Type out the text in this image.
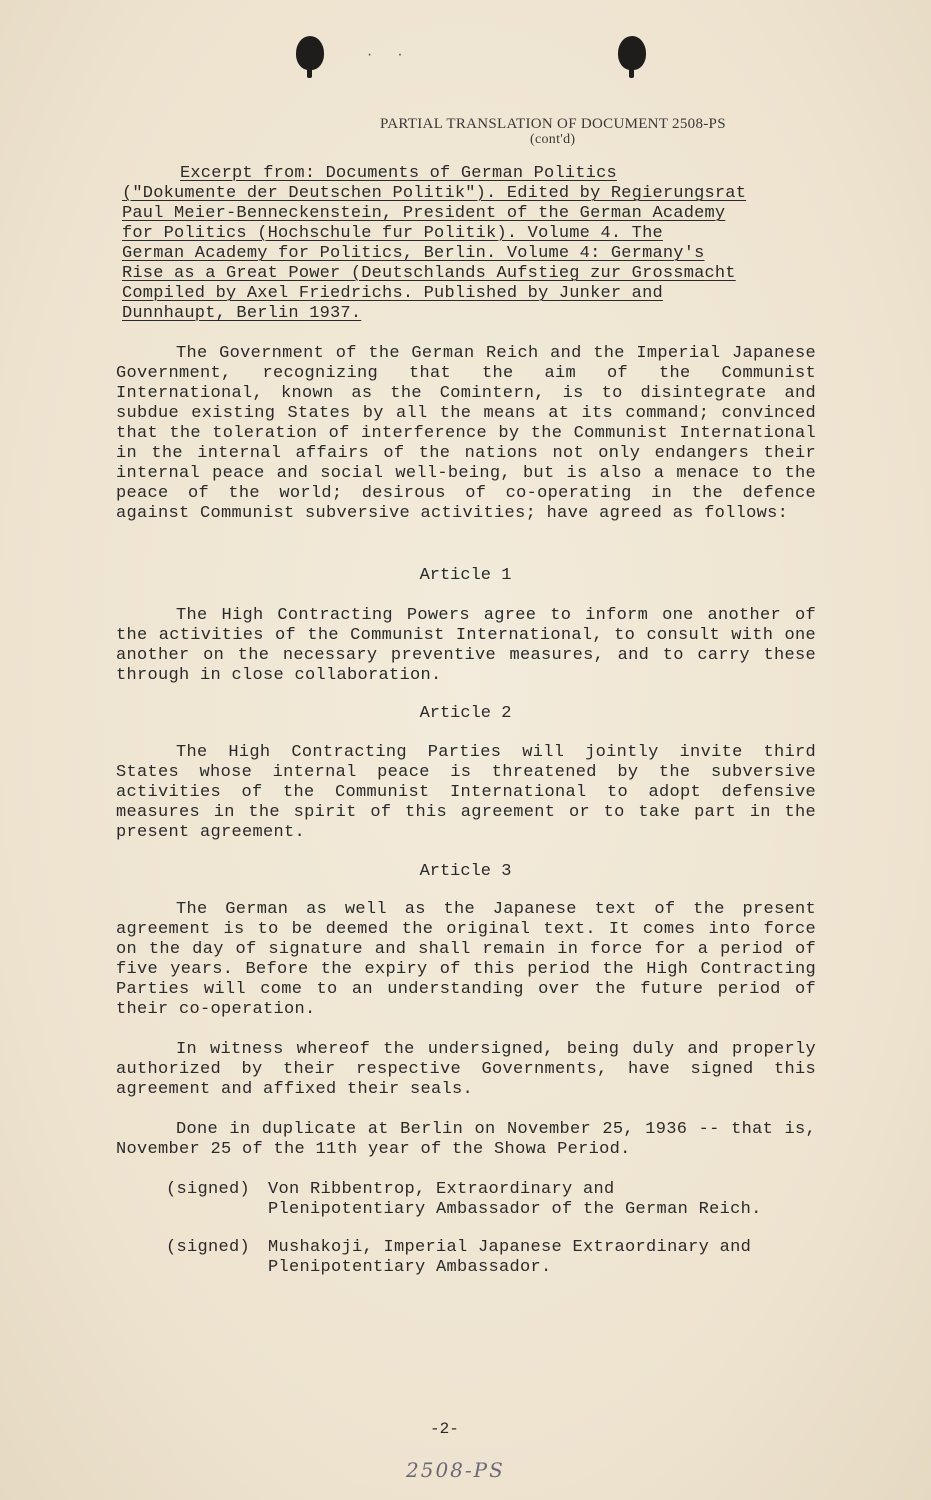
· ·
PARTIAL TRANSLATION OF DOCUMENT 2508-PS
(cont'd)
Excerpt from: Documents of German Politics
("Dokumente der Deutschen Politik"). Edited by Regierungsrat
Paul Meier-Benneckenstein, President of the German Academy
for Politics (Hochschule fur Politik). Volume 4. The
German Academy for Politics, Berlin. Volume 4: Germany's
Rise as a Great Power (Deutschlands Aufstieg zur Grossmacht
Compiled by Axel Friedrichs. Published by Junker and
Dunnhaupt, Berlin 1937.

The Government of the German Reich and the Imperial Japanese Government, recognizing that the aim of the Communist International, known as the Comintern, is to disintegrate and subdue existing States by all the means at its command; convinced that the toleration of interference by the Communist International in the internal affairs of the nations not only endangers their internal peace and social well-being, but is also a menace to the peace of the world; desirous of co-operating in the defence against Communist subversive activities; have agreed as follows:

Article 1

The High Contracting Powers agree to inform one another of the activities of the Communist International, to consult with one another on the necessary preventive measures, and to carry these through in close collaboration.

Article 2

The High Contracting Parties will jointly invite third States whose internal peace is threatened by the subversive activities of the Communist International to adopt defensive measures in the spirit of this agreement or to take part in the present agreement.

Article 3

The German as well as the Japanese text of the present agreement is to be deemed the original text. It comes into force on the day of signature and shall remain in force for a period of five years. Before the expiry of this period the High Contracting Parties will come to an understanding over the future period of their co-operation.

In witness whereof the undersigned, being duly and properly authorized by their respective Governments, have signed this agreement and affixed their seals.

Done in duplicate at Berlin on November 25, 1936 -- that is, November 25 of the 11th year of the Showa Period.

(signed) Von Ribbentrop, Extraordinary and Plenipotentiary Ambassador of the German Reich.
(signed) Mushakoji, Imperial Japanese Extraordinary and Plenipotentiary Ambassador.
-2-
2508-PS
